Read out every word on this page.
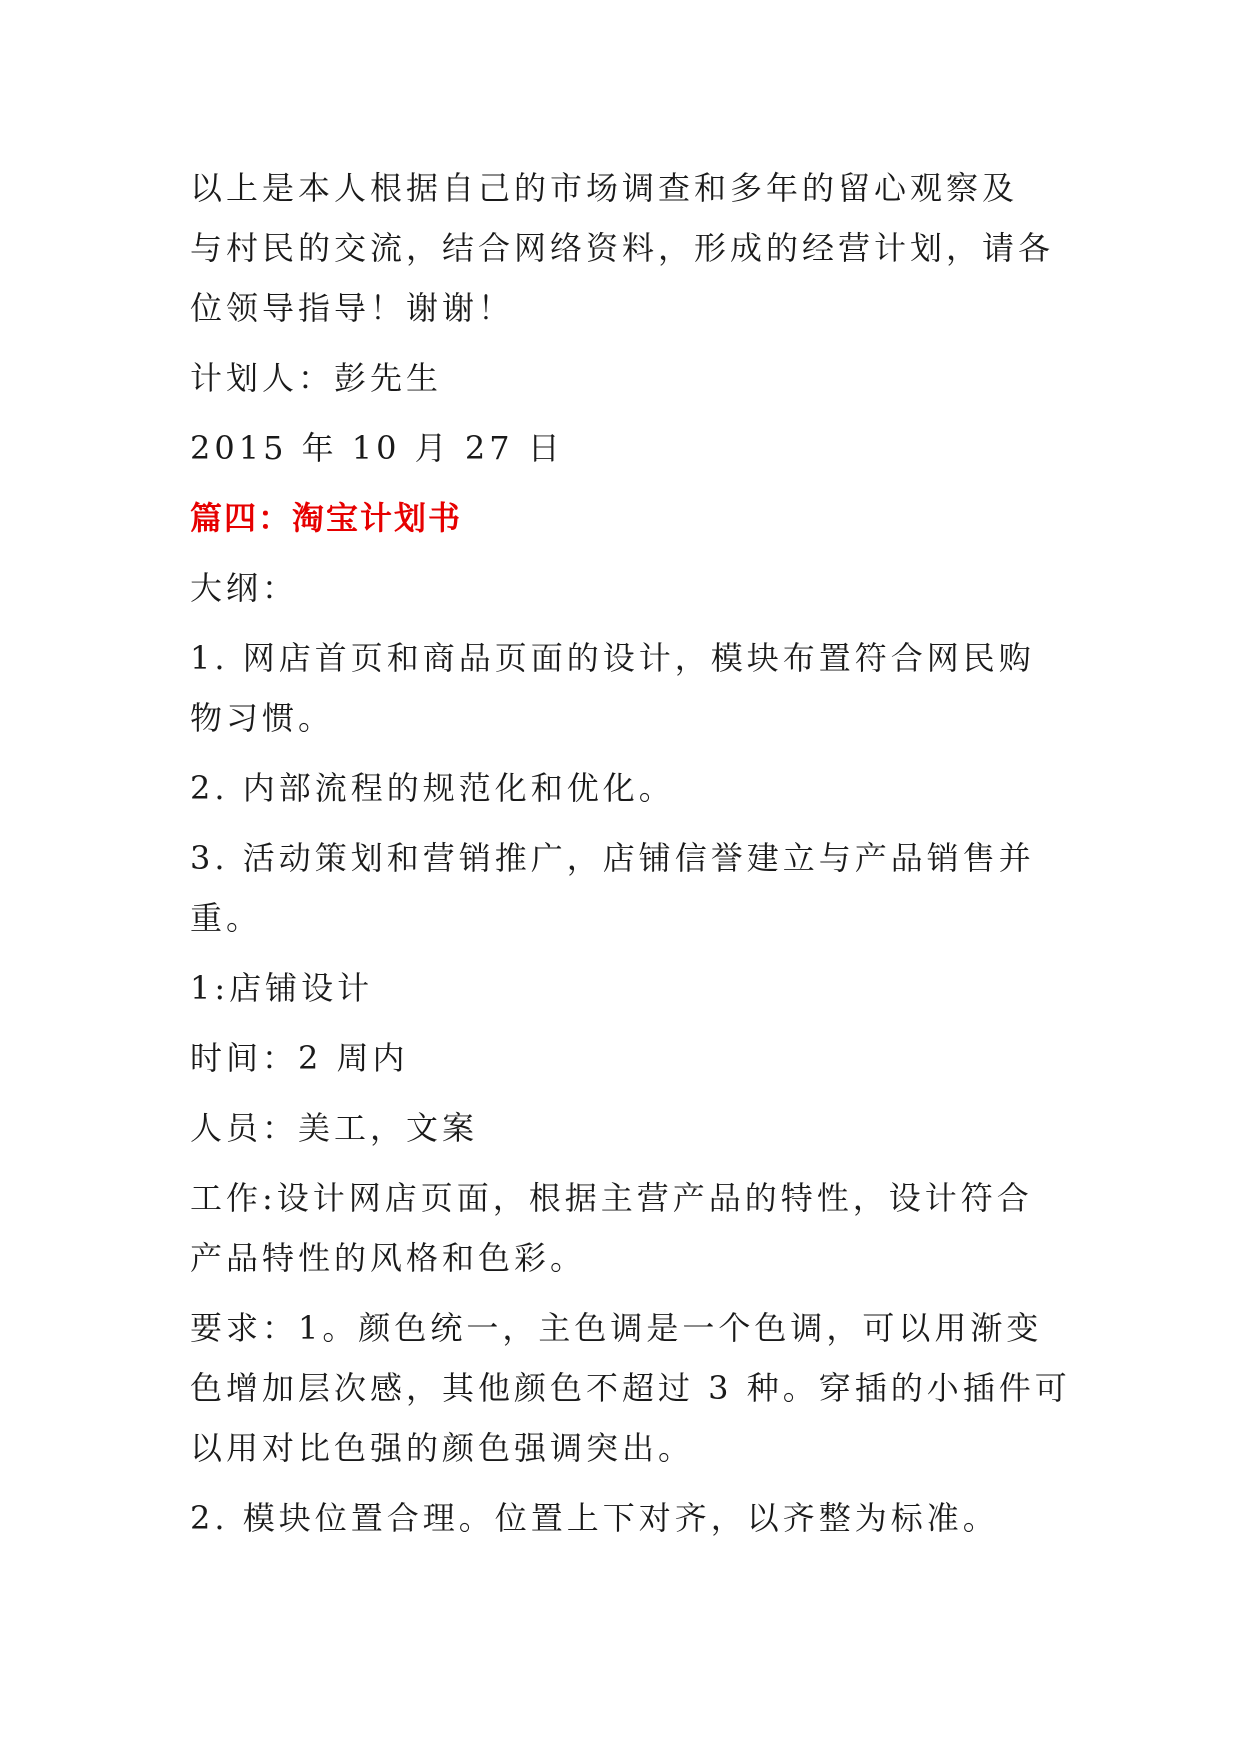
以上是本人根据自己的市场调查和多年的留心观察及

与村民的交流，结合网络资料，形成的经营计划，请各

位领导指导！谢谢！

计划人：彭先生

2015 年 10 月 27 日

篇四：淘宝计划书

大纲：

1. 网店首页和商品页面的设计，模块布置符合网民购

物习惯。

2. 内部流程的规范化和优化。

3. 活动策划和营销推广，店铺信誉建立与产品销售并

重。

1:店铺设计

时间：2 周内

人员：美工，文案

工作:设计网店页面，根据主营产品的特性，设计符合

产品特性的风格和色彩。

要求：1。颜色统一，主色调是一个色调，可以用渐变

色增加层次感，其他颜色不超过 3 种。穿插的小插件可

以用对比色强的颜色强调突出。

2. 模块位置合理。位置上下对齐，以齐整为标准。
